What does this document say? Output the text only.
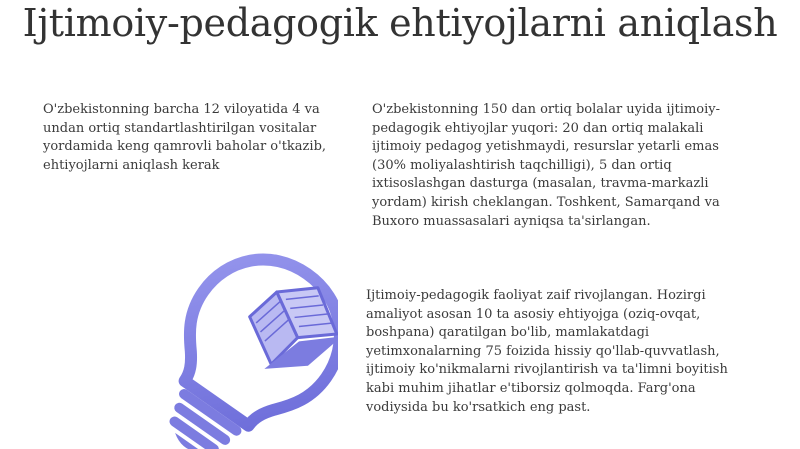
Ijtimoiy-pedagogik ehtiyojlarni aniqlash

O'zbekistonning barcha 12 viloyatida 4 va undan ortiq standartlashtirilgan vositalar yordamida keng qamrovli baholar o'tkazib, ehtiyojlarni aniqlash kerak

O'zbekistonning 150 dan ortiq bolalar uyida ijtimoiy-pedagogik ehtiyojlar yuqori: 20 dan ortiq malakali ijtimoiy pedagog yetishmaydi, resurslar yetarli emas (30% moliyalashtirish taqchilligi), 5 dan ortiq ixtisoslashgan dasturga (masalan, travma-markazli yordam) kirish cheklangan. Toshkent, Samarqand va Buxoro muassasalari ayniqsa ta'sirlangan.

Ijtimoiy-pedagogik faoliyat zaif rivojlangan. Hozirgi amaliyot asosan 10 ta asosiy ehtiyojga (oziq-ovqat, boshpana) qaratilgan bo'lib, mamlakatdagi yetimxonalarning 75 foizida hissiy qo'llab-quvvatlash, ijtimoiy ko'nikmalarni rivojlantirish va ta'limni boyitish kabi muhim jihatlar e'tiborsiz qolmoqda. Farg'ona vodiysida bu ko'rsatkich eng past.
